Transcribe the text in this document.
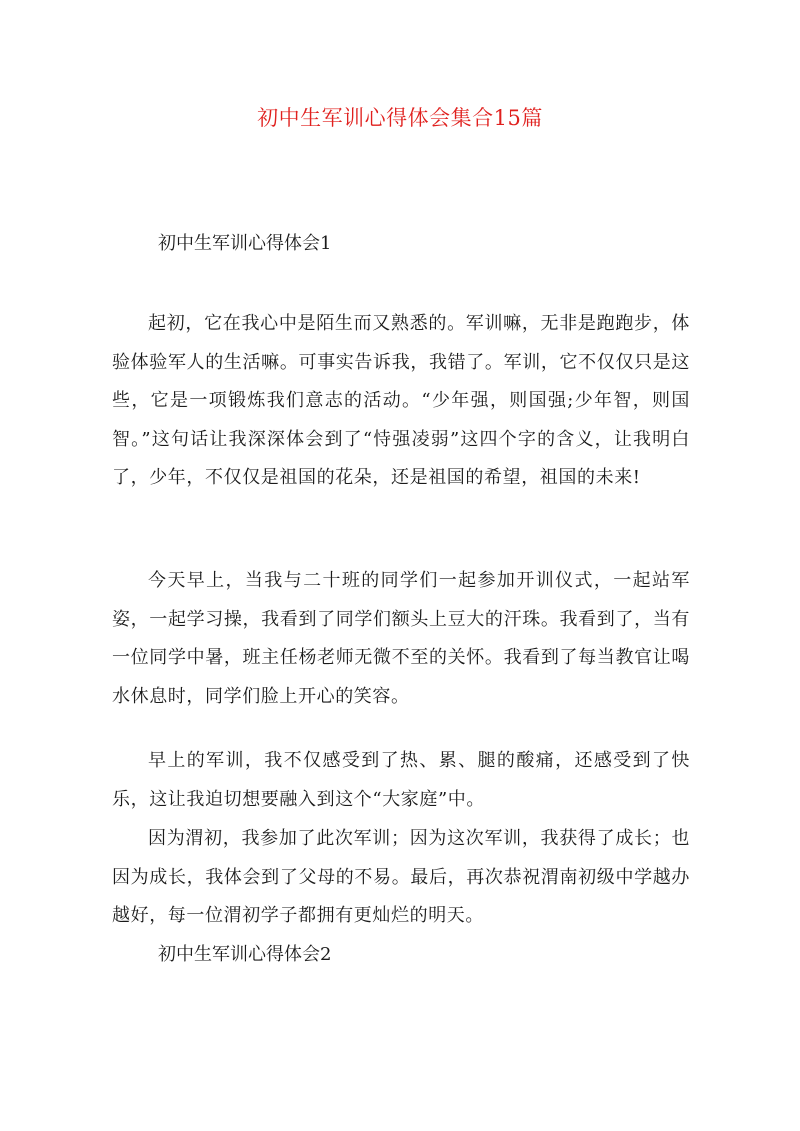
初中生军训心得体会集合15篇
初中生军训心得体会1

起初，它在我心中是陌生而又熟悉的。军训嘛，无非是跑跑步，体验体验军人的生活嘛。可事实告诉我，我错了。军训，它不仅仅只是这些，它是一项锻炼我们意志的活动。“少年强，则国强;少年智，则国智。”这句话让我深深体会到了“恃强凌弱”这四个字的含义，让我明白了，少年，不仅仅是祖国的花朵，还是祖国的希望，祖国的未来!

今天早上，当我与二十班的同学们一起参加开训仪式，一起站军姿，一起学习操，我看到了同学们额头上豆大的汗珠。我看到了，当有一位同学中暑，班主任杨老师无微不至的关怀。我看到了每当教官让喝水休息时，同学们脸上开心的笑容。

早上的军训，我不仅感受到了热、累、腿的酸痛，还感受到了快乐，这让我迫切想要融入到这个“大家庭”中。

因为渭初，我参加了此次军训；因为这次军训，我获得了成长；也因为成长，我体会到了父母的不易。最后，再次恭祝渭南初级中学越办越好，每一位渭初学子都拥有更灿烂的明天。

初中生军训心得体会2
